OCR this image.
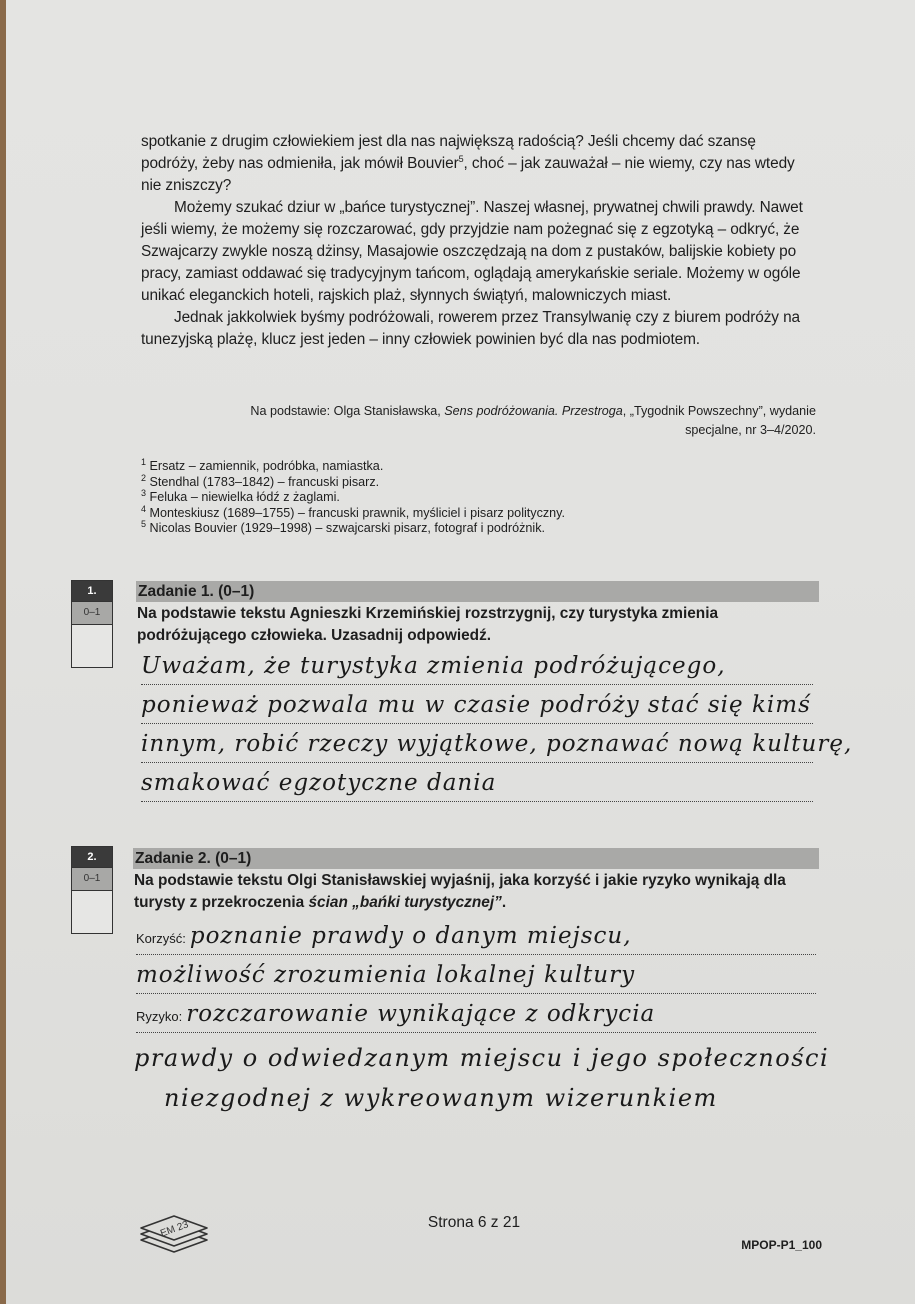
spotkanie z drugim człowiekiem jest dla nas największą radością? Jeśli chcemy dać szansę podróży, żeby nas odmieniła, jak mówił Bouvier$^5$, choć – jak zauważał – nie wiemy, czy nas wtedy nie zniszczy?

Możemy szukać dziur w „bańce turystycznej”. Naszej własnej, prywatnej chwili prawdy. Nawet jeśli wiemy, że możemy się rozczarować, gdy przyjdzie nam pożegnać się z egzotyką – odkryć, że Szwajcarzy zwykle noszą dżinsy, Masajowie oszczędzają na dom z pustaków, balijskie kobiety po pracy, zamiast oddawać się tradycyjnym tańcom, oglądają amerykańskie seriale. Możemy w ogóle unikać eleganckich hoteli, rajskich plaż, słynnych świątyń, malowniczych miast.

Jednak jakkolwiek byśmy podróżowali, rowerem przez Transylwanię czy z biurem podróży na tunezyjską plażę, klucz jest jeden – inny człowiek powinien być dla nas podmiotem.

Na podstawie: Olga Stanisławska, Sens podróżowania. Przestroga, „Tygodnik Powszechny”, wydanie
specjalne, nr 3–4/2020.
$^1$ Ersatz – zamiennik, podróbka, namiastka.
$^2$ Stendhal (1783–1842) – francuski pisarz.
$^3$ Feluka – niewielka łódź z żaglami.
$^4$ Monteskiusz (1689–1755) – francuski prawnik, myśliciel i pisarz polityczny.
$^5$ Nicolas Bouvier (1929–1998) – szwajcarski pisarz, fotograf i podróżnik.
1.
0–1
Zadanie 1. (0–1)
Na podstawie tekstu Agnieszki Krzemińskiej rozstrzygnij, czy turystyka zmienia podróżującego człowieka. Uzasadnij odpowiedź.
Uważam, że turystyka zmienia podróżującego,
ponieważ pozwala mu w czasie podróży stać się kimś
innym, robić rzeczy wyjątkowe, poznawać nową kulturę,
smakować egzotyczne dania
2.
0–1
Zadanie 2. (0–1)
Na podstawie tekstu Olgi Stanisławskiej wyjaśnij, jaka korzyść i jakie ryzyko wynikają dla turysty z przekroczenia ścian „bańki turystycznej”.
Korzyść: poznanie prawdy o danym miejscu,
możliwość zrozumienia lokalnej kultury
Ryzyko: rozczarowanie wynikające z odkrycia
prawdy o odwiedzanym miejscu i jego społeczności
niezgodnej z wykreowanym wizerunkiem
EM 23	Strona 6 z 21
MPOP-P1_100
